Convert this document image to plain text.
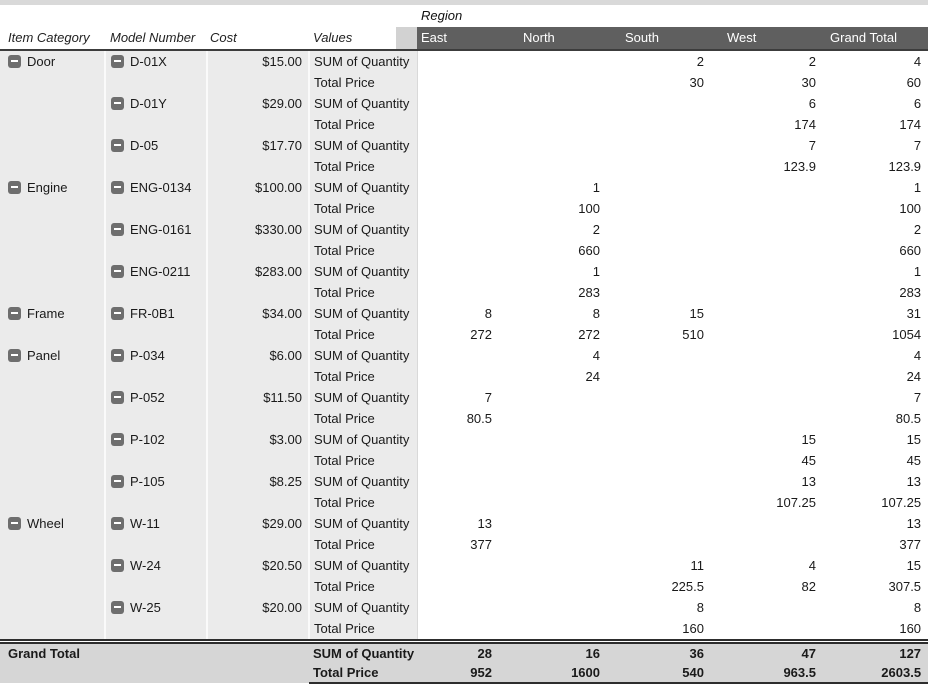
				Region				
Item Category	Model Number	Cost	Values	East	North	South	West	Grand Total
Door	D-01X	$15.00	SUM of Quantity			2	2	4
			Total Price			30	30	60
	D-01Y	$29.00	SUM of Quantity				6	6
			Total Price				174	174
	D-05	$17.70	SUM of Quantity				7	7
			Total Price				123.9	123.9
Engine	ENG-0134	$100.00	SUM of Quantity		1			1
			Total Price		100			100
	ENG-0161	$330.00	SUM of Quantity		2			2
			Total Price		660			660
	ENG-0211	$283.00	SUM of Quantity		1			1
			Total Price		283			283
Frame	FR-0B1	$34.00	SUM of Quantity	8	8	15		31
			Total Price	272	272	510		1054
Panel	P-034	$6.00	SUM of Quantity		4			4
			Total Price		24			24
	P-052	$11.50	SUM of Quantity	7				7
			Total Price	80.5				80.5
	P-102	$3.00	SUM of Quantity				15	15
			Total Price				45	45
	P-105	$8.25	SUM of Quantity				13	13
			Total Price				107.25	107.25
Wheel	W-11	$29.00	SUM of Quantity	13				13
			Total Price	377				377
	W-24	$20.50	SUM of Quantity			11	4	15
			Total Price			225.5	82	307.5
	W-25	$20.00	SUM of Quantity			8		8
			Total Price			160		160
Grand Total			SUM of Quantity	28	16	36	47	127
			Total Price	952	1600	540	963.5	2603.5
